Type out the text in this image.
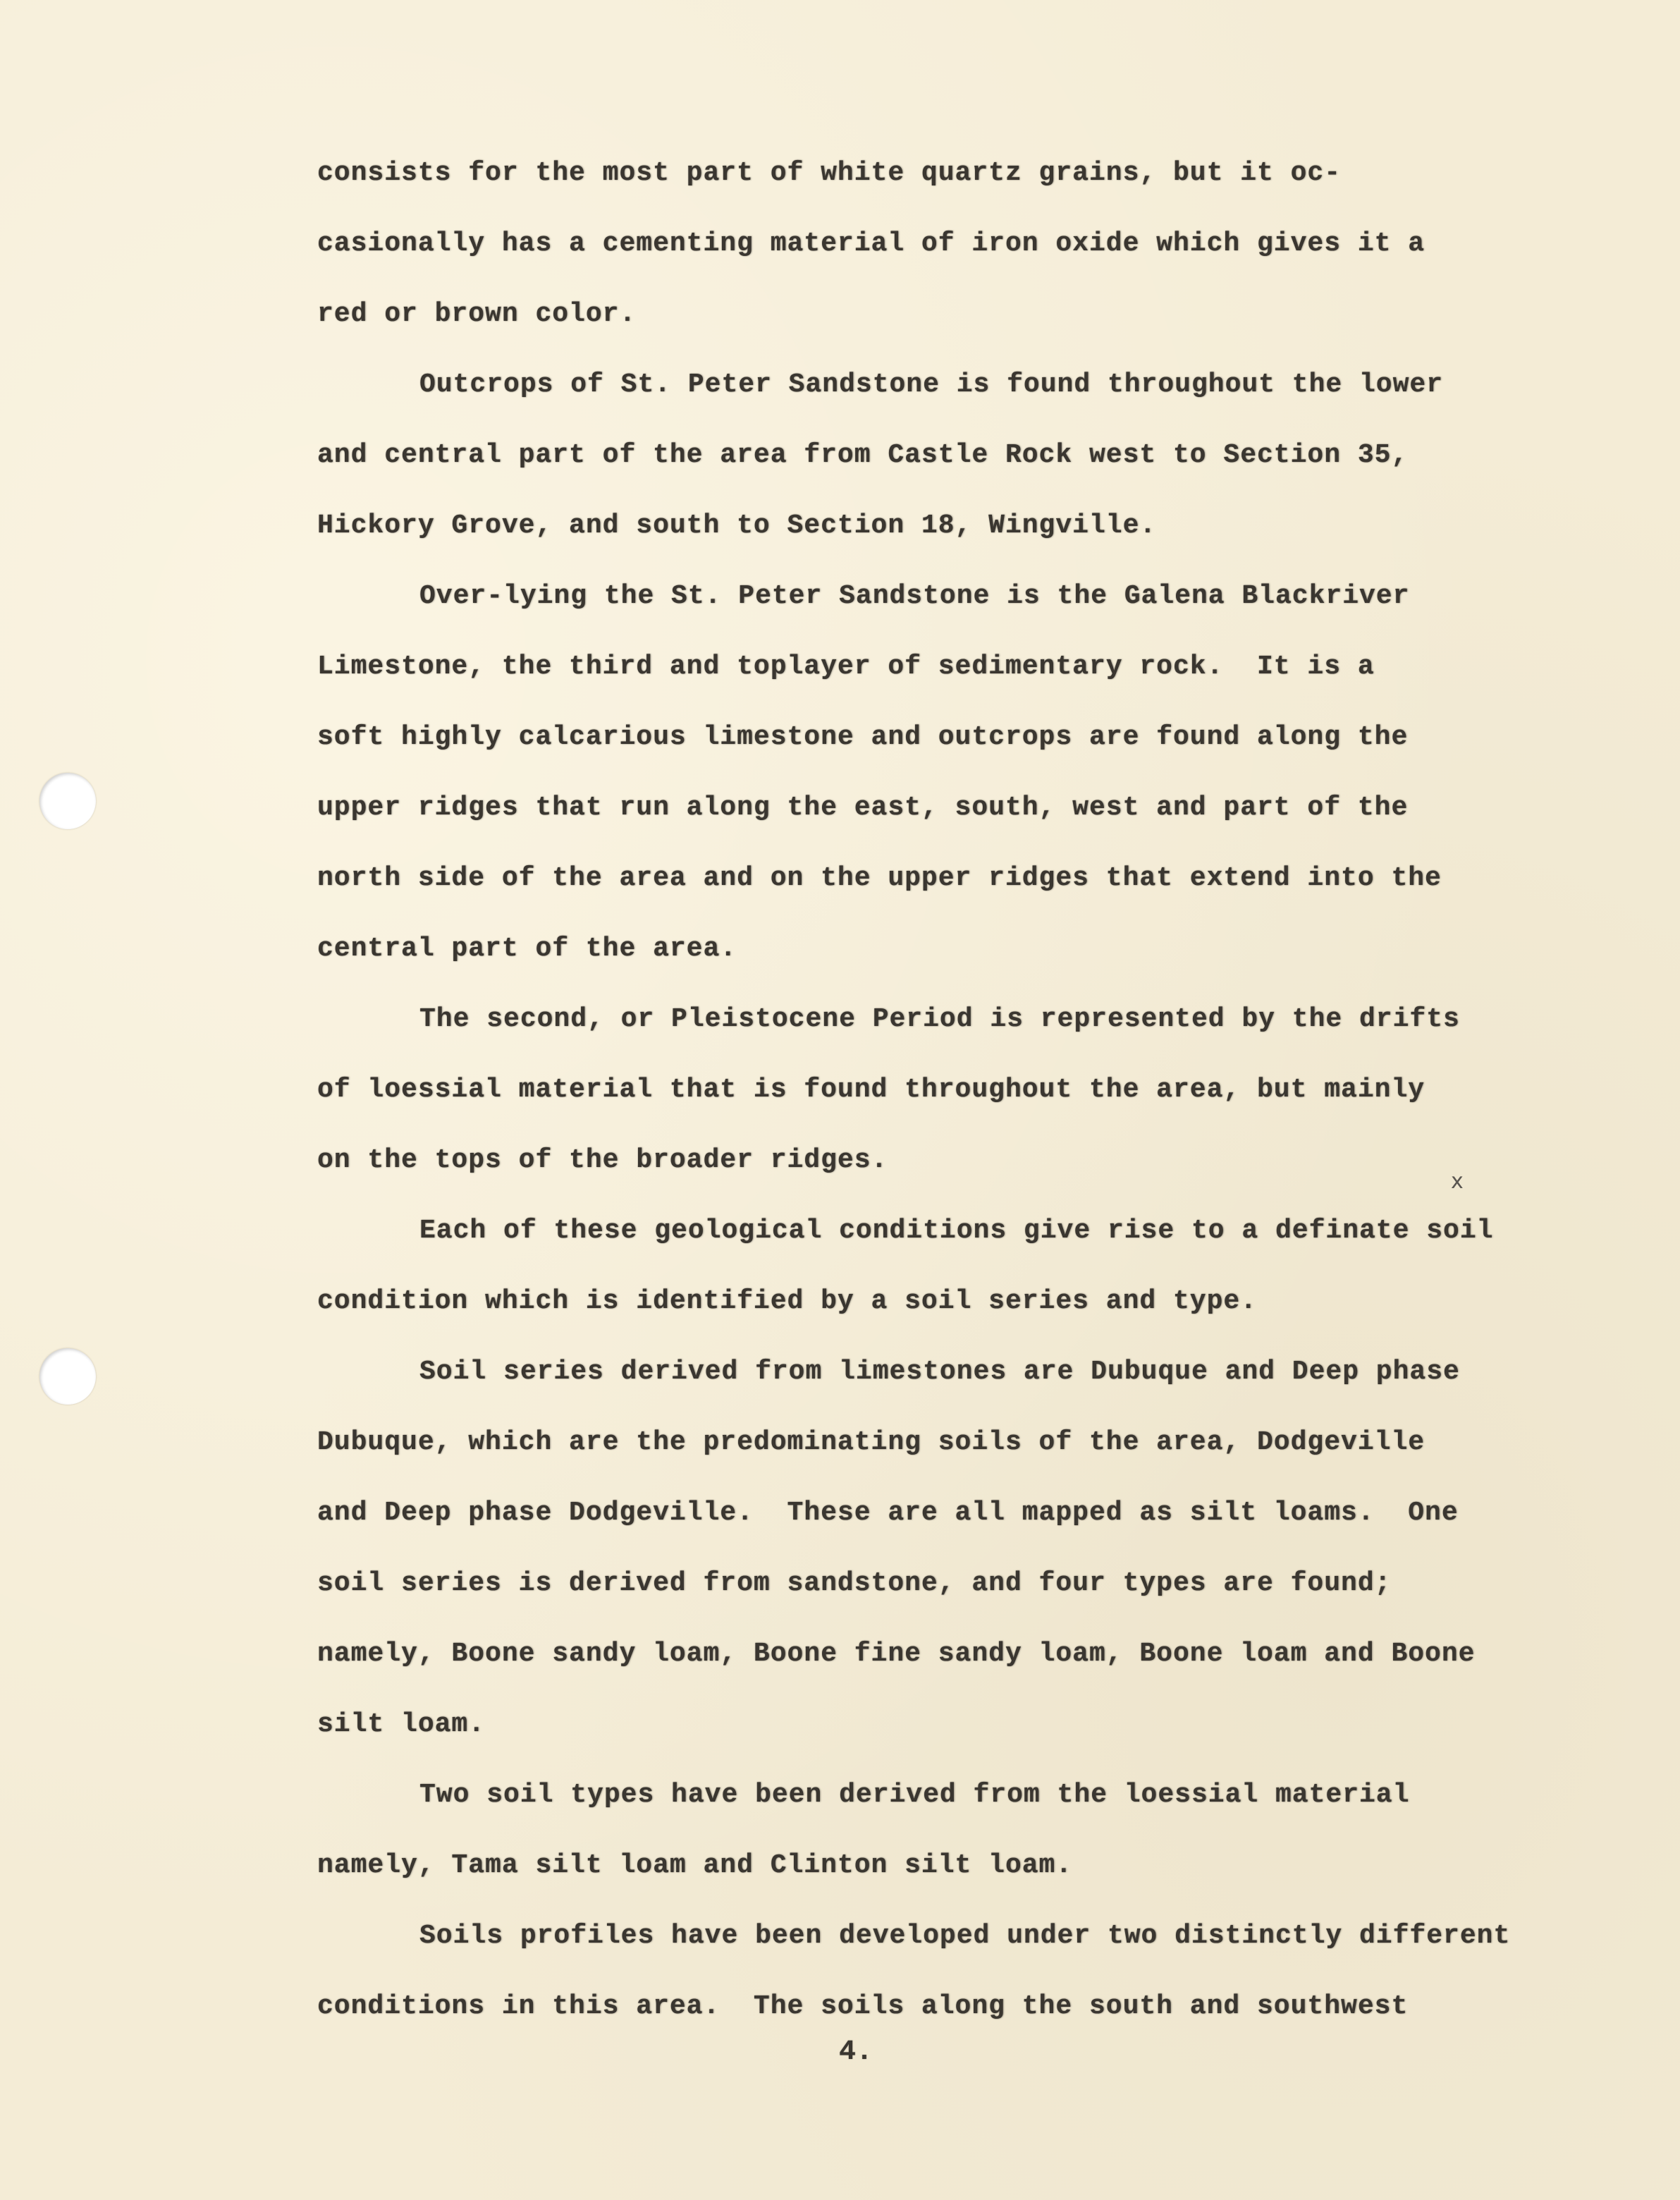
consists for the most part of white quartz grains, but it oc-

casionally has a cementing material of iron oxide which gives it a

red or brown color.

Outcrops of St. Peter Sandstone is found throughout the lower

and central part of the area from Castle Rock west to Section 35,

Hickory Grove, and south to Section 18, Wingville.

Over-lying the St. Peter Sandstone is the Galena Blackriver

Limestone, the third and toplayer of sedimentary rock.  It is a

soft highly calcarious limestone and outcrops are found along the

upper ridges that run along the east, south, west and part of the

north side of the area and on the upper ridges that extend into the

central part of the area.

The second, or Pleistocene Period is represented by the drifts

of loessial material that is found throughout the area, but mainly

on the tops of the broader ridges.

Each of these geological conditions give rise to a definate soil

condition which is identified by a soil series and type.

Soil series derived from limestones are Dubuque and Deep phase

Dubuque, which are the predominating soils of the area, Dodgeville

and Deep phase Dodgeville.  These are all mapped as silt loams.  One

soil series is derived from sandstone, and four types are found;

namely, Boone sandy loam, Boone fine sandy loam, Boone loam and Boone

silt loam.

Two soil types have been derived from the loessial material

namely, Tama silt loam and Clinton silt loam.

Soils profiles have been developed under two distinctly different

conditions in this area.  The soils along the south and southwest

x
4.
